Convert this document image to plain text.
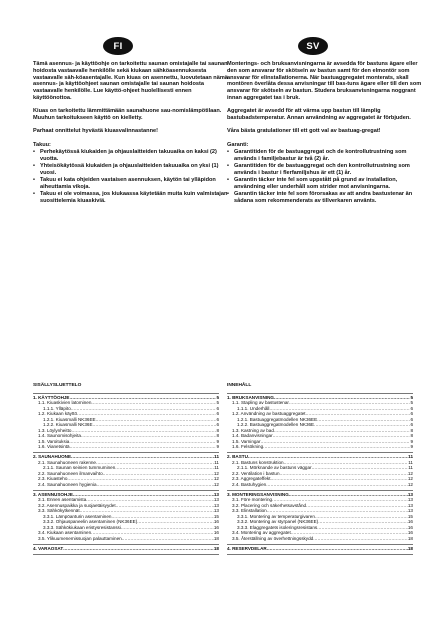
FI	SV

Tämä asennus- ja käyttöohje on tarkoitettu saunan omistajalle tai saunan hoidosta vastaavalle henkilölle sekä kiukaan sähköasennuksesta vastaavalle säh-köasentajalle. Kun kiuas on asennettu, luovutetaan nämä asennus- ja käyttöohjeet saunan omistajalle tai saunan hoidosta vastaavalle henkilölle. Lue käyttö-ohjeet huolellisesti ennen käyttöönottoa.

Kiuas on tarkoitettu lämmittämään saunahuone sau-nomislämpötilaan. Muuhun tarkoitukseen käyttö on kielletty.

Parhaat onnittelut hyvästä kiuasvalinnastanne!

Takuu:
• Perhekäytössä kiukaiden ja ohjauslaitteiden takuuaika on kaksi (2) vuotta.
• Yhteisökäytössä kiukaiden ja ohjauslaitteiden takuuaika on yksi (1) vuosi.
• Takuu ei kata ohjeiden vastaisen asennuksen, käytön tai ylläpidon aiheuttamia vikoja.
• Takuu ei ole voimassa, jos kiukaassa käytetään muita kuin valmistajan suosittelemia kiuaskiviä.

Monterings- och bruksanvisningarna är avsedda för bastuns ägare eller den som ansvarar för skötseln av bastun samt för den elmontör som ansvarar för elinstallationerna. När bastuaggregatet monterats, skall montören överlåta dessa anvisningar till bas-tuns ägare eller till den som ansvarar för skötseln av bastun. Studera bruksanvisningarna noggrant innan aggregatet tas i bruk.

Aggregatet är avsedd för att värma upp bastun till lämplig bastubadstemperatur. Annan användning av aggregatet är förbjuden.

Våra bästa gratulationer till ett gott val av bastuag-gregat!

Garanti:
• Garantitiden för de bastuaggregat och de kontrollutrustning som används i familjebastur är två (2) år.
• Garantitiden för de bastuaggregat och den kontrollutrustning som används i bastur i flerfamiljshus är ett (1) år.
• Garantin täcker inte fel som uppstått på grund av installation, användning eller underhåll som strider mot anvisningarna.
• Garantin täcker inte fel som förorsakas av att andra bastustenar än sådana som rekommenderats av tillverkaren använts.
SISÄLLYSLUETTELO
1. KÄYTTÖOHJE .....	5
1.1. Kiuaskivien latominen .....	5
1.1.1. Ylläpito .....	6
1.2. Kiukaan käyttö .....	6
1.2.1. Kiuasmalli NK36EE .....	6
1.2.2. Kiuasmalli NK36E .....	6
1.3. Löylynheitto .....	8
1.4. Saunomisohjeita .....	8
1.5. Varoituksia .....	9
1.6. Vianetsintä .....	9
2. SAUNAHUONE .....	11
2.1. Saunahuoneen rakenne .....	11
2.1.1. Saunan seinien tummuminen .....	11
2.2. Saunahuoneen ilmanvaihto .....	12
2.3. Kiuasteho .....	12
2.4. Saunahuoneen hygienia .....	12
3. ASENNUSOHJE .....	13
3.1. Ennen asentamista .....	13
3.2. Asennuspaikka ja suojaetäisyydet .....	13
3.3. Sähkökytkennät .....	13
3.3.1. Lämpöanturin asentaminen .....	15
3.3.2. Ohjauspaneelin asentaminen (NK36EE) .....	16
3.3.3. Sähkökiukaan eristysresistanssi .....	16
3.4. Kiukaan asentaminen .....	16
3.5. Ylikuumenemissuojan palauttaminen .....	18
4. VARAOSAT .....	18
INNEHÅLL
1. BRUKSANVISNING .....	5
1.1. Stapling av bastustenar .....	5
1.1.1. Underhåll .....	6
1.2. Användning av bastuaggregatet .....	6
1.2.1. Bastuaggregatmodellen NK36EE .....	6
1.2.2. Bastuaggregatmodellen NK36E .....	6
1.3. Kastning av bad .....	8
1.4. Badanvisningar .....	8
1.5. Varningar .....	9
1.6. Felsökning .....	9
2. BASTU .....	11
2.1. Bastuns konstruktion .....	11
2.1.1. Mörknande av bastuns väggar .....	11
2.2. Ventilation i bastun .....	12
2.3. Aggregateffekt .....	12
2.4. Bastuhygien .....	12
3. MONTERINGSANVISNING .....	13
3.1. Före montering .....	13
3.2. Placering och säkerhetsavstånd .....	13
3.3. Elinstallation .....	13
3.3.1. Montering av temperaturgivaren .....	15
3.3.2. Montering av styrpanel (NK36EE) .....	16
3.3.3. Elaggregatets isoleringsresistans .....	16
3.4. Montering av aggregatet .....	16
3.5. Återställning av överhettningsskydd .....	18
4. RESERVDELAR .....	18
